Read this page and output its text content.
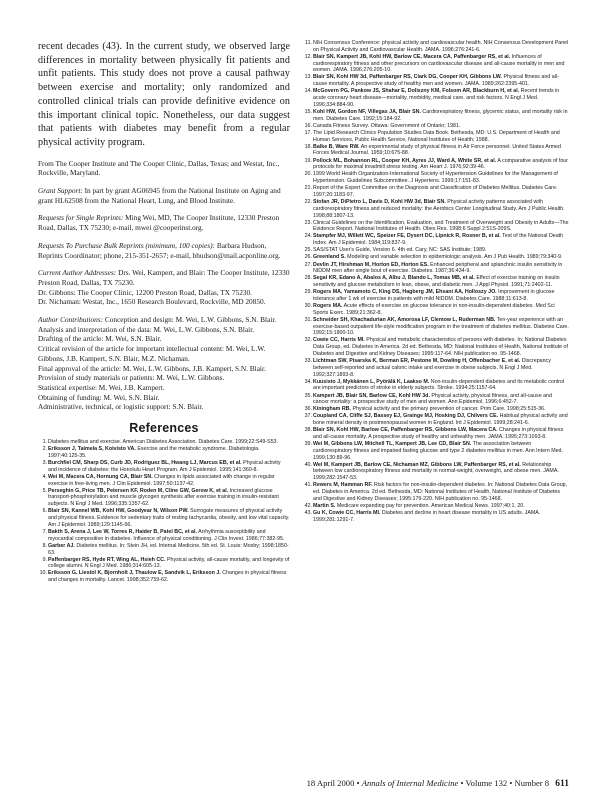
recent decades (43). In the current study, we observed large differences in mortality between physically fit patients and unfit patients. This study does not prove a causal pathway between exercise and mortality; only randomized and controlled clinical trials can provide definitive evidence on this important clinical topic. Nonetheless, our data suggest that patients with diabetes may benefit from a regular physical activity program.

From The Cooper Institute and The Cooper Clinic, Dallas, Texas; and Westat, Inc., Rockville, Maryland.

Grant Support: In part by grant AG06945 from the National Institute on Aging and grant HL62508 from the National Heart, Lung, and Blood Institute.

Requests for Single Reprints: Ming Wei, MD, The Cooper Institute, 12330 Preston Road, Dallas, TX 75230; e-mail, mwei @cooperinst.org.

Requests To Purchase Bulk Reprints (minimum, 100 copies): Barbara Hudson, Reprints Coordinator; phone, 215-351-2657; e-mail, bhudson@mail.acponline.org.

Current Author Addresses: Drs. Wei, Kampert, and Blair: The Cooper Institute, 12330 Preston Road, Dallas, TX 75230.
Dr. Gibbons: The Cooper Clinic, 12200 Preston Road, Dallas, TX 75230.
Dr. Nichaman: Westat, Inc., 1650 Research Boulevard, Rockville, MD 20850.

Author Contributions: Conception and design: M. Wei, L.W. Gibbons, S.N. Blair.
Analysis and interpretation of the data: M. Wei, L.W. Gibbons, S.N. Blair.
Drafting of the article: M. Wei, S.N. Blair.
Critical revision of the article for important intellectual content: M. Wei, L.W. Gibbons, J.B. Kampert, S.N. Blair, M.Z. Nichaman.
Final approval of the article: M. Wei, L.W. Gibbons, J.B. Kampert, S.N. Blair.
Provision of study materials or patients: M. Wei, L.W. Gibbons.
Statistical expertise: M. Wei, J.B. Kampert.
Obtaining of funding: M. Wei, S.N. Blair.
Administrative, technical, or logistic support: S.N. Blair.

References
1 . Diabetes mellitus and exercise. American Diabetes Association. Diabetes Care. 1999;22:S49-S53.
2 . Eriksson J, Taimela S, Koivisto VA. Exercise and the metabolic syndrome. Diabetologia. 1997;40:125-35.
3 . Burchfiel CM, Sharp DS, Curb JD, Rodriguez BL, Hwang LJ, Marcus EB, et al. Physical activity and incidence of diabetes: the Honolulu Heart Program. Am J Epidemiol. 1995;141:360-8.
4 . Wei M, Macera CA, Hornung CA, Blair SN. Changes in lipids associated with change in regular exercise in free-living men. J Clin Epidemiol. 1997;50:1137-42.
5 . Perseghin G, Price TB, Petersen KF, Roden M, Cline GW, Gerow K, et al. Increased glucose transport-phosphorylation and muscle glycogen synthesis after exercise training in insulin-resistant subjects. N Engl J Med. 1996;335:1357-62.
6 . Blair SN, Kannel WB, Kohl HW, Goodyear N, Wilson PW. Surrogate measures of physical activity and physical fitness. Evidence for sedentary traits of resting tachycardia, obesity, and low vital capacity. Am J Epidemiol. 1989;129:1145-56.
7 . Bakth S, Arena J, Lee W, Torres R, Haider B, Patel BC, et al. Arrhythmia susceptibility and myocardial composition in diabetes. Influence of physical conditioning. J Clin Invest. 1986;77:382-95.
8 . Garber AJ. Diabetes mellitus. In: Stein JH, ed. Internal Medicine. 5th ed. St. Louis: Mosby; 1998:1850-63.
9 . Paffenbarger RS, Hyde RT, Wing AL, Hsieh CC. Physical activity, all-cause mortality, and longevity of college alumni. N Engl J Med. 1986;314:605-13.
10 . Eriksson G, Liestol K, Bjornholt J, Thaulow E, Sandvik L, Eriksson J. Changes in physical fitness and changes in mortality. Lancet. 1998;352:759-62.
11 . NIH Consensus Conference: physical activity and cardiovascular health. NIH Consensus Development Panel on Physical Activity and Cardiovascular Health. JAMA. 1996;276:241-6.
12 . Blair SN, Kampert JB, Kohl HW, Barlow CE, Macera CA, Paffenbarger RS, et al. Influences of cardiorespiratory fitness and other precursors on cardiovascular disease and all-cause mortality in men and women. JAMA. 1996;276:205-10.
13 . Blair SN, Kohl HW 3d, Paffenbarger RS, Clark DG, Cooper KH, Gibbons LW. Physical fitness and all-cause mortality. A prospective study of healthy men and women. JAMA. 1989;262:2395-401.
14 . McGovern PG, Pankow JS, Shahar E, Doliszny KM, Folsom AR, Blackburn H, et al. Recent trends in acute coronary heart disease—mortality, morbidity, medical care, and risk factors. N Engl J Med. 1996;334:884-90.
15 . Kohl HW, Gordon NF, Villegas JA, Blair SN. Cardiorespiratory fitness, glycemic status, and mortality risk in men. Diabetes Care. 1992;15:184-92.
16 . Canada Fitness Survey. Ottawa: Government of Ontario; 1981.
17 . The Lipid Research Clinics Population Studies Data Book. Bethesda, MD: U.S. Department of Health and Human Services, Public Health Service, National Institutes of Health; 1988.
18 . Balke B, Ware RW. An experimental study of physical fitness in Air Force personnel. United States Armed Forces Medical Journal. 1959;10:675-88.
19 . Pollock ML, Bohannon RL, Cooper KH, Ayres JJ, Ward A, White SR, et al. A comparative analysis of four protocols for maximal treadmill stress testing. Am Heart J. 1976;92:39-46.
20 . 1999 World Health Organization-International Society of Hypertension Guidelines for the Management of Hypertension. Guidelines Subcommittee. J Hypertens. 1999;17:151-83.
21 . Report of the Expert Committee on the Diagnosis and Classification of Diabetes Mellitus. Diabetes Care. 1997;20:1183-97.
22 . Stofan JR, DiPietro L, Davis D, Kohl HW 3d, Blair SN. Physical activity patterns associated with cardiorespiratory fitness and reduced mortality: the Aerobics Center Longitudinal Study. Am J Public Health. 1998;88:1807-13.
23 . Clinical Guidelines on the Identification, Evaluation, and Treatment of Overweight and Obesity in Adults—The Evidence Report. National Institutes of Health. Obes Res. 1998;6 Suppl 2:51S-209S.
24 . Stampfer MJ, Willett WC, Speizer FE, Dysert DC, Lipnick R, Rosner B, et al. Test of the National Death Index. Am J Epidemiol. 1984;119:837-9.
25 . SAS/STAT User's Guide, Version 6. 4th ed. Cary, NC: SAS Institute; 1989.
26 . Greenland S. Modeling and variable selection in epidemiologic analysis. Am J Pub Health. 1989;79:340-9.
27 . Devlin JT, Hirshman M, Horton ED, Horton ES. Enhanced peripheral and splanchnic insulin sensitivity in NIDDM men after single bout of exercise. Diabetes. 1987;36:434-9.
28 . Segal KR, Edano A, Abalos A, Albu J, Blando L, Tomas MB, et al. Effect of exercise training on insulin sensitivity and glucose metabolism in lean, obese, and diabetic men. J Appl Physiol. 1991;71:2402-11.
29 . Rogers MA, Yamamoto C, King DS, Hagberg JM, Ehsani AA, Holloszy JO. Improvement in glucose tolerance after 1 wk of exercise in patients with mild NIDDM. Diabetes Care. 1988;11:613-8.
30 . Rogers MA. Acute effects of exercise on glucose tolerance in non-insulin-dependent diabetes. Med Sci Sports Exerc. 1989;21:362-8.
31 . Schneider SH, Khachadurian AK, Amorosa LF, Clemow L, Ruderman NB. Ten-year experience with an exercise-based outpatient life-style modification program in the treatment of diabetes mellitus. Diabetes Care. 1992;15:1800-10.
32 . Cowie CC, Harris MI. Physical and metabolic characteristics of persons with diabetes. In: National Diabetes Data Group, ed. Diabetes in America. 2d ed. Bethesda, MD: National Institutes of Health, National Institute of Diabetes and Digestive and Kidney Diseases; 1995:117-64. NIH publication no. 95-1468.
33 . Lichtman SW, Pisarska K, Berman ER, Pestone M, Dowling H, Offenbacher E, et al. Discrepancy between self-reported and actual caloric intake and exercise in obese subjects. N Engl J Med. 1992;327:1893-8.
34 . Kuusisto J, Mykkänen L, Pyörälä K, Laakso M. Non-insulin-dependent diabetes and its metabolic control are important predictors of stroke in elderly subjects. Stroke. 1994;25:1157-64.
35 . Kampert JB, Blair SN, Barlow CE, Kohl HW 3d. Physical activity, physical fitness, and all-cause and cancer mortality: a prospective study of men and women. Ann Epidemiol. 1996;6:452-7.
36 . Kiningham RB. Physical activity and the primary prevention of cancer. Prim Care. 1998;25:515-36.
37 . Coupland CA, Cliffe SJ, Bassey EJ, Grainge MJ, Hosking DJ, Chilvers CE. Habitual physical activity and bone mineral density in postmenopausal women in England. Int J Epidemiol. 1999;28:241-6.
38 . Blair SN, Kohl HW, Barlow CE, Paffenbarger RS, Gibbons LW, Macera CA. Changes in physical fitness and all-cause mortality. A prospective study of healthy and unhealthy men. JAMA. 1995;273:1093-8.
39 . Wei M, Gibbons LW, Mitchell TL, Kampert JB, Lee CD, Blair SN. The association between cardiorespiratory fitness and impaired fasting glucose and type 2 diabetes mellitus in men. Ann Intern Med. 1999;130:89-96.
40 . Wei M, Kampert JB, Barlow CE, Nichaman MZ, Gibbons LW, Paffenbarger RS, et al. Relationship between low cardiorespiratory fitness and mortality in normal-weight, overweight, and obese men. JAMA. 1999;282:1547-53.
41 . Rewers M, Hamman RF. Risk factors for non-insulin-dependent diabetes. In: National Diabetes Data Group, ed. Diabetes in America. 2d ed. Bethesda, MD: National Institutes of Health, National Institute of Diabetes and Digestive and Kidney Diseases; 1995:179-220. NIH publication no. 95-1468.
42 . Martin S. Medicare expanding pay for prevention. American Medical News. 1997;40:1, 20.
43 . Gu K, Cowie CC, Harris MI. Diabetes and decline in heart disease mortality in US adults. JAMA. 1999;281:1291-7.
18 April 2000 • Annals of Internal Medicine • Volume 132 • Number 8 611
